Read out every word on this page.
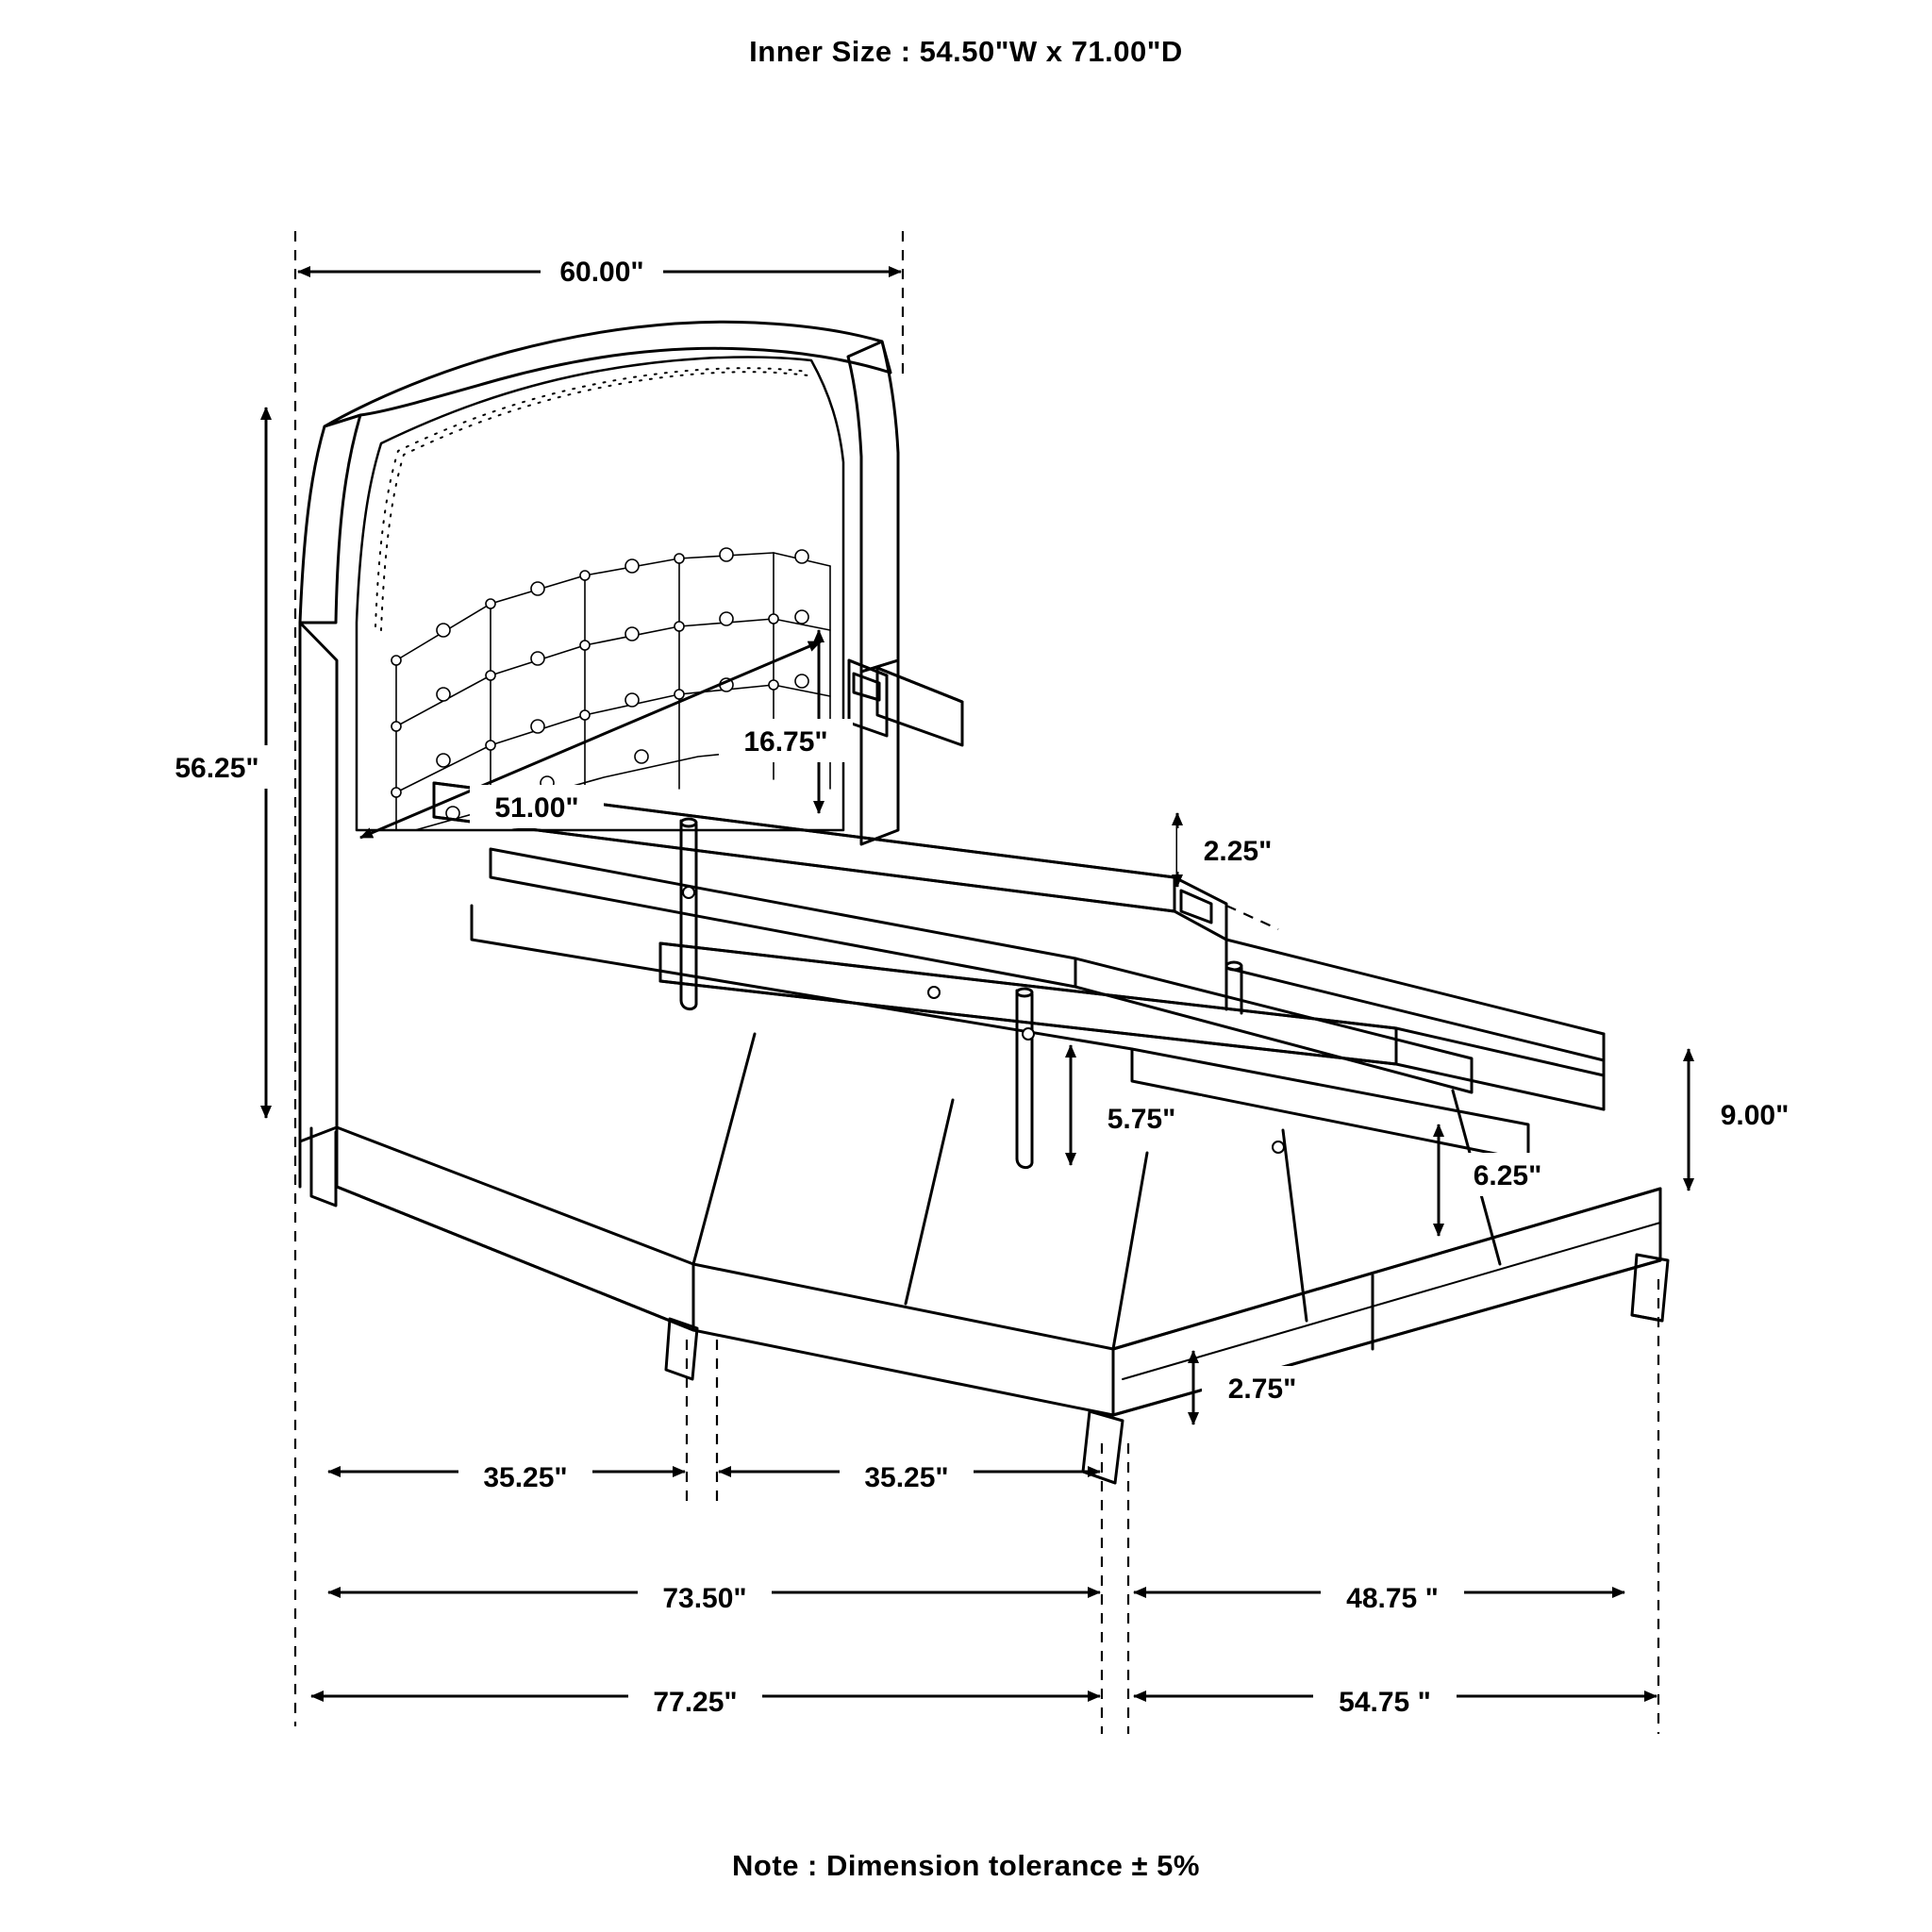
Inner Size : 54.50"W x 71.00"D
60.00"
56.25"
51.00"
16.75"
2.25"
5.75"
6.25"
9.00"
2.75"
35.25"	35.25"
73.50"	48.75 "
77.25"	54.75 "
Note : Dimension tolerance ± 5%
